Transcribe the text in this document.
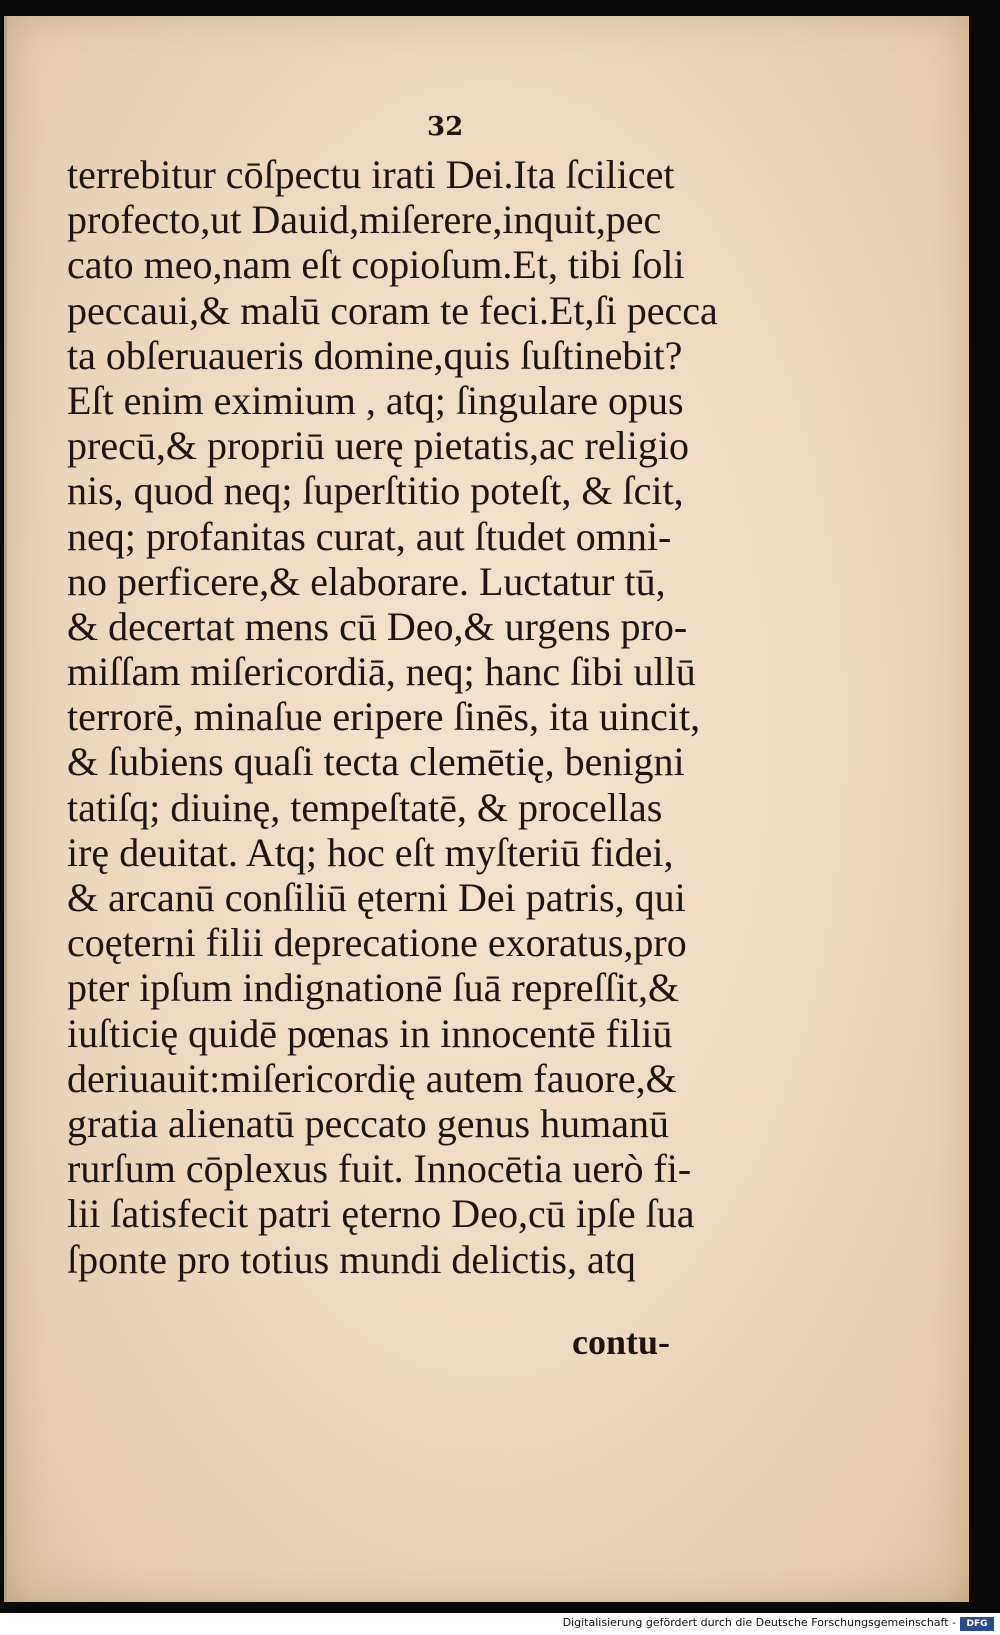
32
terrebitur cōſpectu irati Dei.Ita ſcilicet
profecto,ut Dauid,miſerere,inquit,pec
cato meo,nam eſt copioſum.Et, tibi ſoli
peccaui,& malū coram te feci.Et,ſi pecca
ta obſeruaueris domine,quis ſuſtinebit?
Eſt enim eximium , atq; ſingulare opus
precū,& propriū uerę pietatis,ac religio
nis, quod neq; ſuperſtitio poteſt, & ſcit,
neq; profanitas curat, aut ſtudet omni-
no perficere,& elaborare. Luctatur tū,
& decertat mens cū Deo,& urgens pro-
miſſam miſericordiā, neq; hanc ſibi ullū
terrorē, minaſue eripere ſinēs, ita uincit,
& ſubiens quaſi tecta clemētię, benigni
tatiſq; diuinę, tempeſtatē, & procellas
irę deuitat. Atq; hoc eſt myſteriū fidei,
& arcanū conſiliū ęterni Dei patris, qui
coęterni filii deprecatione exoratus,pro
pter ipſum indignationē ſuā repreſſit,&
iuſticię quidē pœnas in innocentē filiū
deriuauit:miſericordię autem fauore,&
gratia alienatū peccato genus humanū
rurſum cōplexus fuit. Innocētia uerò fi-
lii ſatisfecit patri ęterno Deo,cū ipſe ſua
ſponte pro totius mundi delictis, atq
contu-
Digitalisierung gefördert durch die Deutsche Forschungsgemeinschaft -	DFG
